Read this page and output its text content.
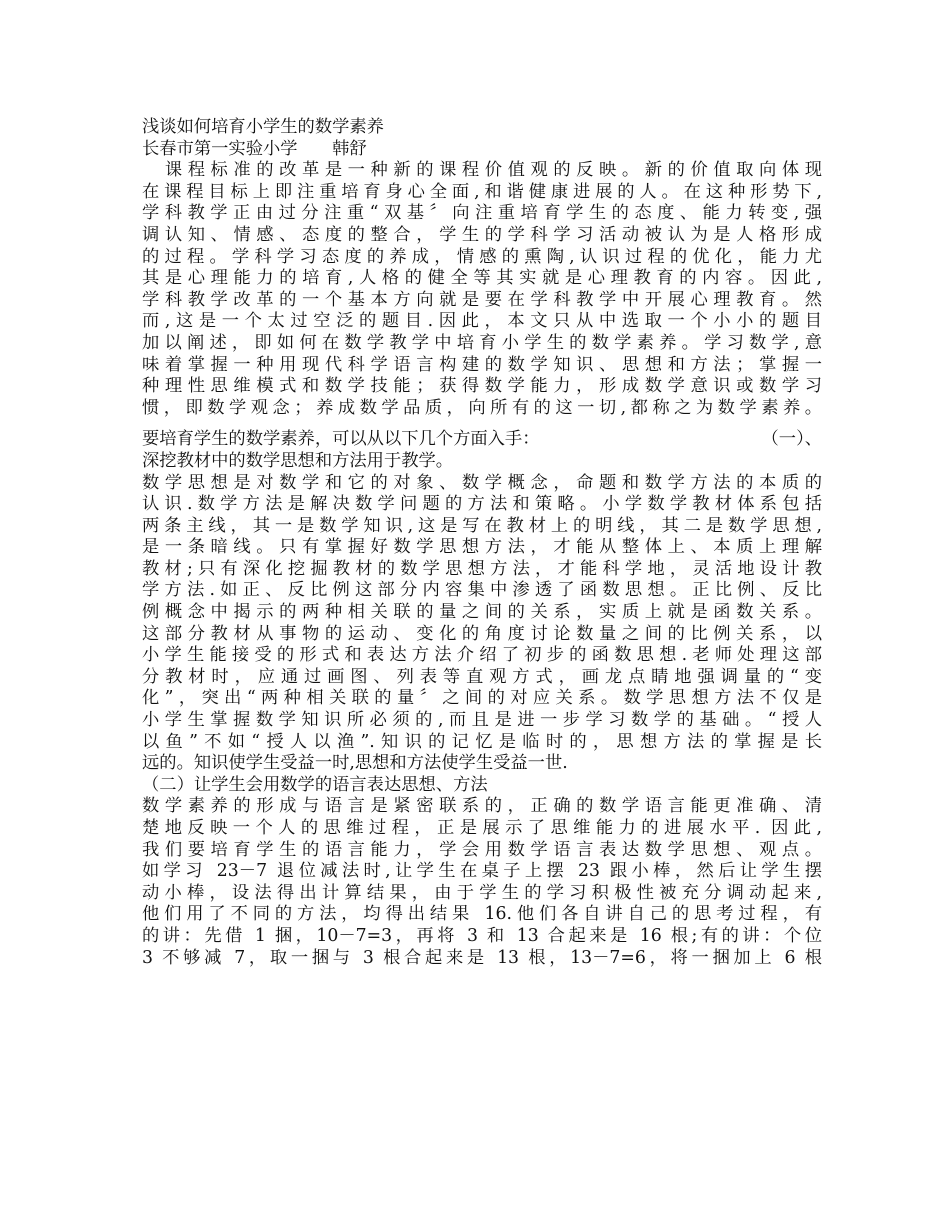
浅谈如何培育小学生的数学素养
长春市第一实验小学　　韩舒
　课程标准的改革是一种新的课程价值观的反映。新的价值取向体现
在课程目标上即注重培育身心全面,和谐健康进展的人。在这种形势下,
学科教学正由过分注重“双基〞向注重培育学生的态度、能力转变,强
调认知、情感、态度的整合，学生的学科学习活动被认为是人格形成
的过程。学科学习态度的养成，情感的熏陶,认识过程的优化，能力尤
其是心理能力的培育,人格的健全等其实就是心理教育的内容。因此,
学科教学改革的一个基本方向就是要在学科教学中开展心理教育。然
而,这是一个太过空泛的题目.因此，本文只从中选取一个小小的题目
加以阐述，即如何在数学教学中培育小学生的数学素养。学习数学,意
味着掌握一种用现代科学语言构建的数学知识、思想和方法；掌握一
种理性思维模式和数学技能；获得数学能力，形成数学意识或数学习
惯，即数学观念；养成数学品质，向所有的这一切,都称之为数学素养。
要培育学生的数学素养，可以从以下几个方面入手：	（一）、
深挖教材中的数学思想和方法用于教学。
数学思想是对数学和它的对象、数学概念，命题和数学方法的本质的
认识.数学方法是解决数学问题的方法和策略。小学数学教材体系包括
两条主线，其一是数学知识,这是写在教材上的明线，其二是数学思想,
是一条暗线。只有掌握好数学思想方法，才能从整体上、本质上理解
教材;只有深化挖掘教材的数学思想方法，才能科学地，灵活地设计教
学方法.如正、反比例这部分内容集中渗透了函数思想。正比例、反比
例概念中揭示的两种相关联的量之间的关系，实质上就是函数关系。
这部分教材从事物的运动、变化的角度讨论数量之间的比例关系，以
小学生能接受的形式和表达方法介绍了初步的函数思想.老师处理这部
分教材时，应通过画图、列表等直观方式，画龙点睛地强调量的“变
化”，突出“两种相关联的量〞之间的对应关系。数学思想方法不仅是
小学生掌握数学知识所必须的,而且是进一步学习数学的基础。“授人
以鱼”不如“授人以渔”.知识的记忆是临时的，思想方法的掌握是长
远的。知识使学生受益一时,思想和方法使学生受益一世.
（二）让学生会用数学的语言表达思想、方法
数学素养的形成与语言是紧密联系的，正确的数学语言能更准确、清
楚地反映一个人的思维过程，正是展示了思维能力的进展水平. 因此,
我们要培育学生的语言能力，学会用数学语言表达数学思想、观点。
如学习 23－7 退位减法时,让学生在桌子上摆 23 跟小棒，然后让学生摆
动小棒，设法得出计算结果，由于学生的学习积极性被充分调动起来,
他们用了不同的方法，均得出结果 16.他们各自讲自己的思考过程，有
的讲：先借 1 捆，10－7=3，再将 3 和 13 合起来是 16 根;有的讲：个位
3 不够减 7，取一捆与 3 根合起来是 13 根，13－7=6，将一捆加上 6 根
